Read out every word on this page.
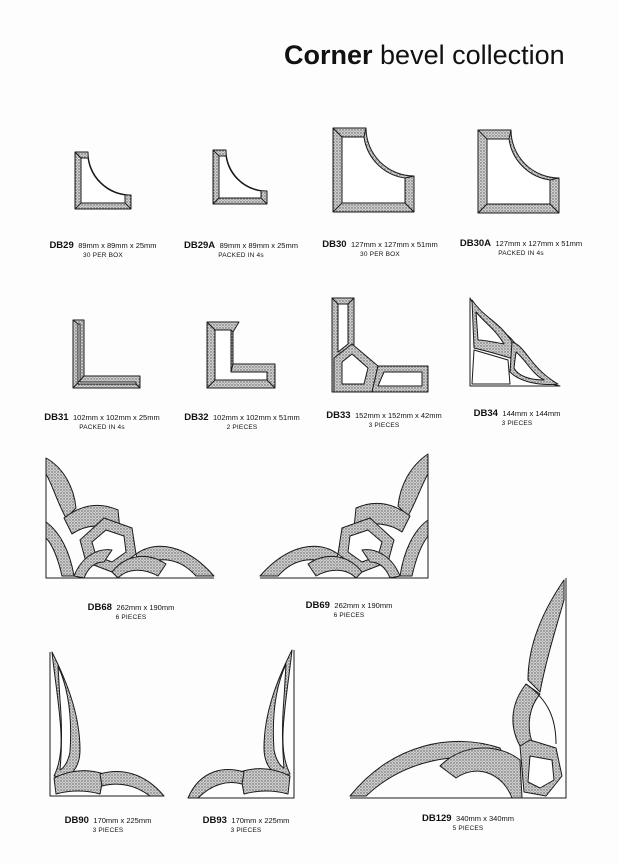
Corner bevel collection
DB29 89mm x 89mm x 25mm
30 PER BOX
DB29A 89mm x 89mm x 25mm
PACKED IN 4s
DB30 127mm x 127mm x 51mm
30 PER BOX
DB30A 127mm x 127mm x 51mm
PACKED IN 4s
DB31 102mm x 102mm x 25mm
PACKED IN 4s
DB32 102mm x 102mm x 51mm
2 PIECES
DB33 152mm x 152mm x 42mm
3 PIECES
DB34 144mm x 144mm
3 PIECES
DB68 262mm x 190mm
6 PIECES
DB69 262mm x 190mm
6 PIECES
DB90 170mm x 225mm
3 PIECES
DB93 170mm x 225mm
3 PIECES
DB129 340mm x 340mm
5 PIECES
